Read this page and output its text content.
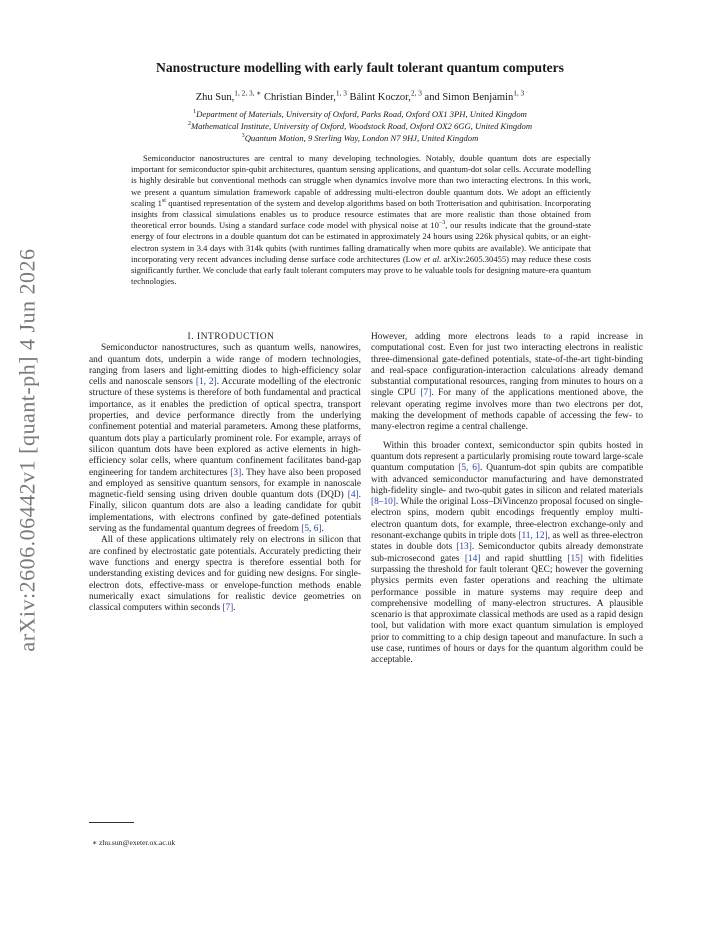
arXiv:2606.06442v1 [quant-ph] 4 Jun 2026
Nanostructure modelling with early fault tolerant quantum computers
Zhu Sun,$^{1, 2, 3, ∗}$ Christian Binder,$^{1, 3}$ Bálint Koczor,$^{2, 3}$ and Simon Benjamin$^{1, 3}$
$^1$Department of Materials, University of Oxford, Parks Road, Oxford OX1 3PH, United Kingdom
$^2$Mathematical Institute, University of Oxford, Woodstock Road, Oxford OX2 6GG, United Kingdom
$^3$Quantum Motion, 9 Sterling Way, London N7 9HJ, United Kingdom

Semiconductor nanostructures are central to many developing technologies. Notably, double quantum dots are especially important for semiconductor spin-qubit architectures, quantum sensing applications, and quantum-dot solar cells. Accurate modelling is highly desirable but conventional methods can struggle when dynamics involve more than two interacting electrons. In this work, we present a quantum simulation framework capable of addressing multi-electron double quantum dots. We adopt an efficiently scaling 1st quantised representation of the system and develop algorithms based on both Trotterisation and qubitisation. Incorporating insights from classical simulations enables us to produce resource estimates that are more realistic than those obtained from theoretical error bounds. Using a standard surface code model with physical noise at $10^{-3}$, our results indicate that the ground-state energy of four electrons in a double quantum dot can be estimated in approximately 24 hours using 226k physical qubits, or an eight-electron system in 3.4 days with 314k qubits (with runtimes falling dramatically when more qubits are available). We anticipate that incorporating very recent advances including dense surface code architectures (Low et al. arXiv:2605.30455) may reduce these costs significantly further. We conclude that early fault tolerant computers may prove to be valuable tools for designing mature-era quantum technologies.

I. INTRODUCTION

Semiconductor nanostructures, such as quantum wells, nanowires, and quantum dots, underpin a wide range of modern technologies, ranging from lasers and light-emitting diodes to high-efficiency solar cells and nanoscale sensors [1, 2]. Accurate modelling of the electronic structure of these systems is therefore of both fundamental and practical importance, as it enables the prediction of optical spectra, transport properties, and device performance directly from the underlying confinement potential and material parameters. Among these platforms, quantum dots play a particularly prominent role. For example, arrays of silicon quantum dots have been explored as active elements in high-efficiency solar cells, where quantum confinement facilitates band-gap engineering for tandem architectures [3]. They have also been proposed and employed as sensitive quantum sensors, for example in nanoscale magnetic-field sensing using driven double quantum dots (DQD) [4]. Finally, silicon quantum dots are also a leading candidate for qubit implementations, with electrons confined by gate-defined potentials serving as the fundamental quantum degrees of freedom [5, 6].

All of these applications ultimately rely on electrons in silicon that are confined by electrostatic gate potentials. Accurately predicting their wave functions and energy spectra is therefore essential both for understanding existing devices and for guiding new designs. For single-electron dots, effective-mass or envelope-function methods enable numerically exact simulations for realistic device geometries on classical computers within seconds [7].

However, adding more electrons leads to a rapid increase in computational cost. Even for just two interacting electrons in realistic three-dimensional gate-defined potentials, state-of-the-art tight-binding and real-space configuration-interaction calculations already demand substantial computational resources, ranging from minutes to hours on a single CPU [7]. For many of the applications mentioned above, the relevant operating regime involves more than two electrons per dot, making the development of methods capable of accessing the few- to many-electron regime a central challenge.

Within this broader context, semiconductor spin qubits hosted in quantum dots represent a particularly promising route toward large-scale quantum computation [5, 6]. Quantum-dot spin qubits are compatible with advanced semiconductor manufacturing and have demonstrated high-fidelity single- and two-qubit gates in silicon and related materials [8–10]. While the original Loss–DiVincenzo proposal focused on single-electron spins, modern qubit encodings frequently employ multi-electron quantum dots, for example, three-electron exchange-only and resonant-exchange qubits in triple dots [11, 12], as well as three-electron states in double dots [13]. Semiconductor qubits already demonstrate sub-microsecond gates [14] and rapid shuttling [15] with fidelities surpassing the threshold for fault tolerant QEC; however the governing physics permits even faster operations and reaching the ultimate performance possible in mature systems may require deep and comprehensive modelling of many-electron structures. A plausible scenario is that approximate classical methods are used as a rapid design tool, but validation with more exact quantum simulation is employed prior to committing to a chip design tapeout and manufacture. In such a use case, runtimes of hours or days for the quantum algorithm could be acceptable.

∗ zhu.sun@exeter.ox.ac.uk
